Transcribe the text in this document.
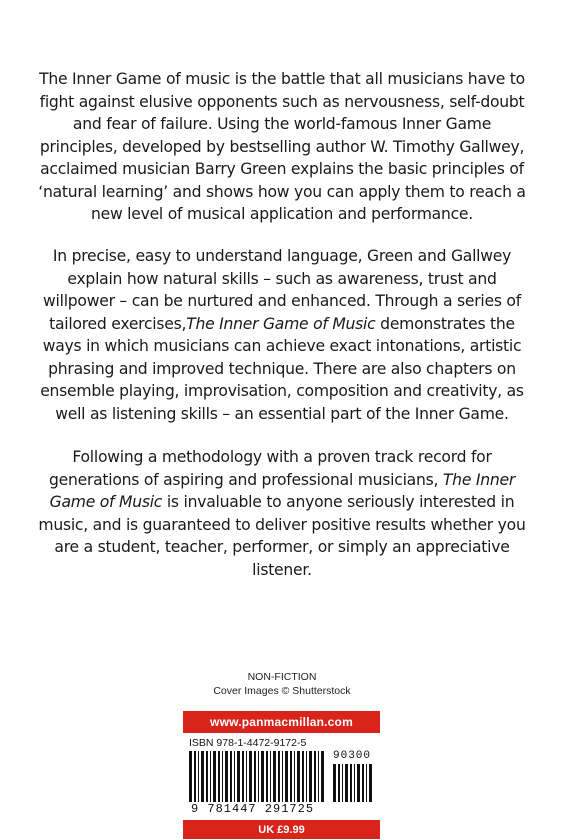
The Inner Game of music is the battle that all musicians have to fight against elusive opponents such as nervousness, self-doubt and fear of failure. Using the world-famous Inner Game principles, developed by bestselling author W. Timothy Gallwey, acclaimed musician Barry Green explains the basic principles of ‘natural learning’ and shows how you can apply them to reach a new level of musical application and performance.
In precise, easy to understand language, Green and Gallwey explain how natural skills – such as awareness, trust and willpower – can be nurtured and enhanced. Through a series of tailored exercises,The Inner Game of Music demonstrates the ways in which musicians can achieve exact intonations, artistic phrasing and improved technique. There are also chapters on ensemble playing, improvisation, composition and creativity, as well as listening skills – an essential part of the Inner Game.
Following a methodology with a proven track record for generations of aspiring and professional musicians, The Inner Game of Music is invaluable to anyone seriously interested in music, and is guaranteed to deliver positive results whether you are a student, teacher, performer, or simply an appreciative listener.
NON-FICTION
Cover Images © Shutterstock
www.panmacmillan.com
ISBN 978-1-4472-9172-5
90300
9 781447 291725
UK £9.99
